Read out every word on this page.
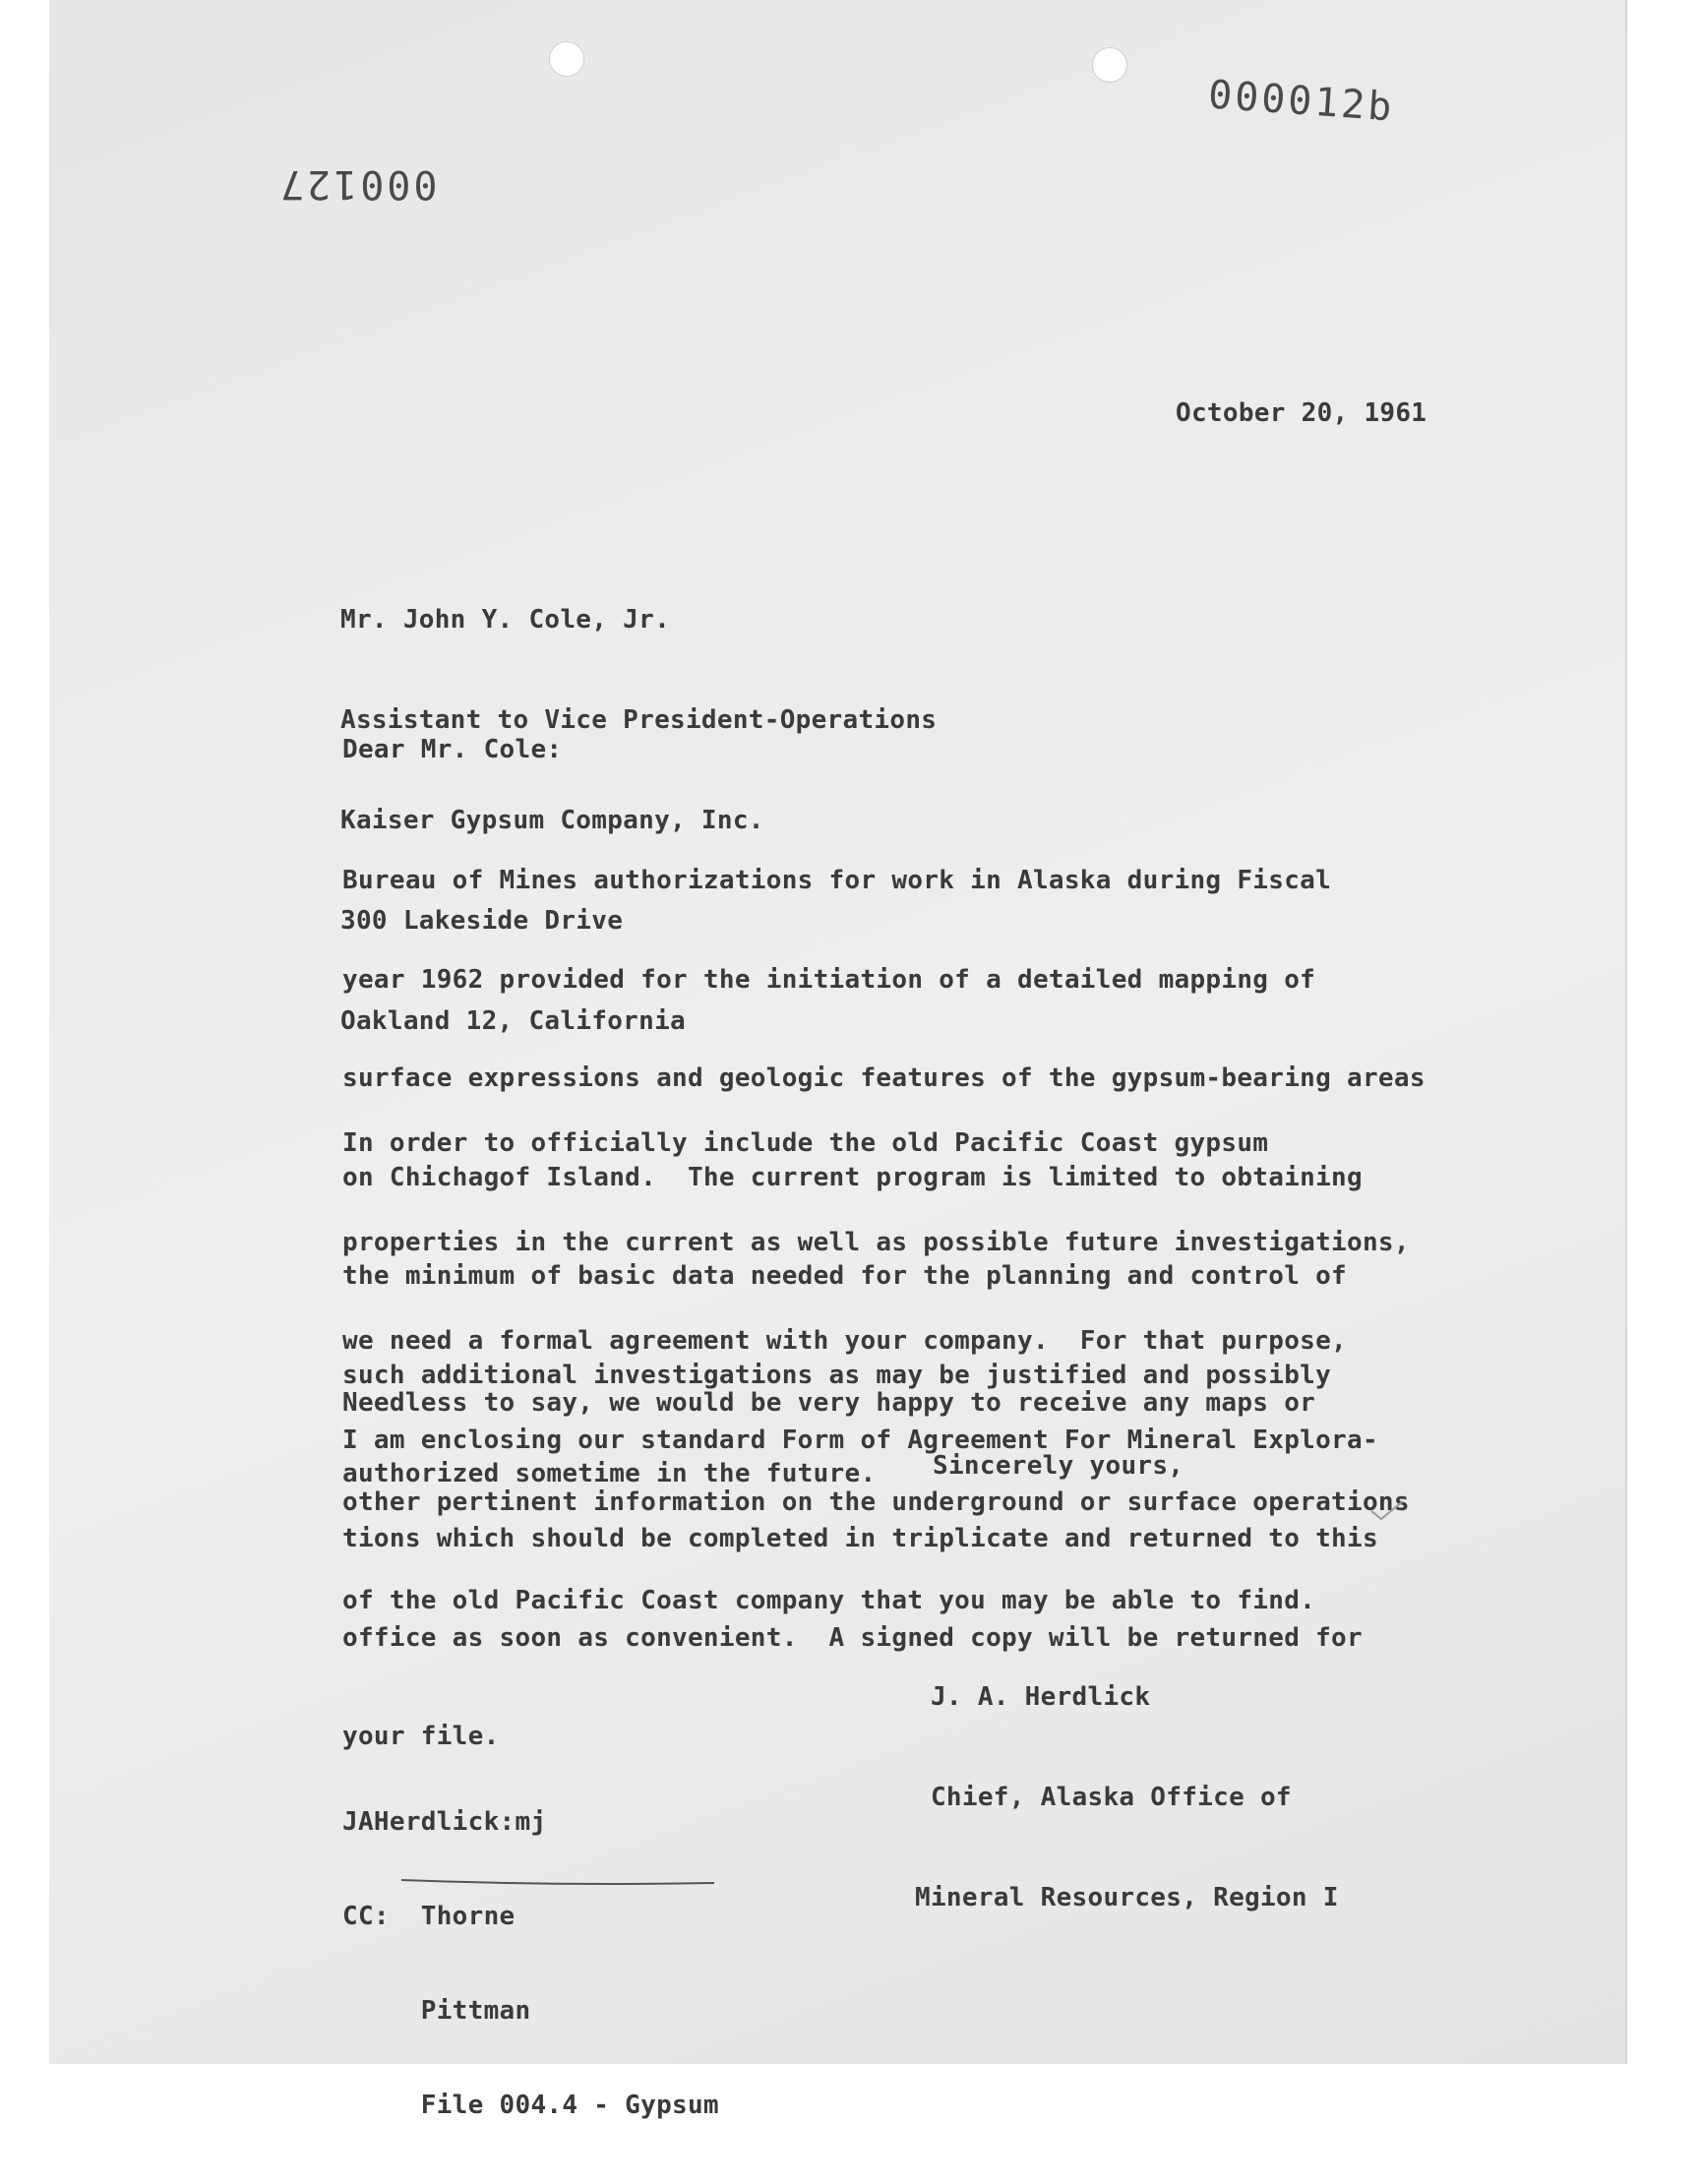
000012b
000127
October 20, 1961

Mr. John Y. Cole, Jr.

Assistant to Vice President-Operations

Kaiser Gypsum Company, Inc.

300 Lakeside Drive

Oakland 12, California

Dear Mr. Cole:

Bureau of Mines authorizations for work in Alaska during Fiscal

year 1962 provided for the initiation of a detailed mapping of

surface expressions and geologic features of the gypsum-bearing areas

on Chichagof Island.  The current program is limited to obtaining

the minimum of basic data needed for the planning and control of

such additional investigations as may be justified and possibly

authorized sometime in the future.

In order to officially include the old Pacific Coast gypsum

properties in the current as well as possible future investigations,

we need a formal agreement with your company.  For that purpose,

I am enclosing our standard Form of Agreement For Mineral Explora-

tions which should be completed in triplicate and returned to this

office as soon as convenient.  A signed copy will be returned for

your file.

Needless to say, we would be very happy to receive any maps or

other pertinent information on the underground or surface operations

of the old Pacific Coast company that you may be able to find.

Sincerely yours,

J. A. Herdlick

Chief, Alaska Office of

Mineral Resources, Region I

JAHerdlick:mj

CC:  Thorne

Pittman

File 004.4 - Gypsum
